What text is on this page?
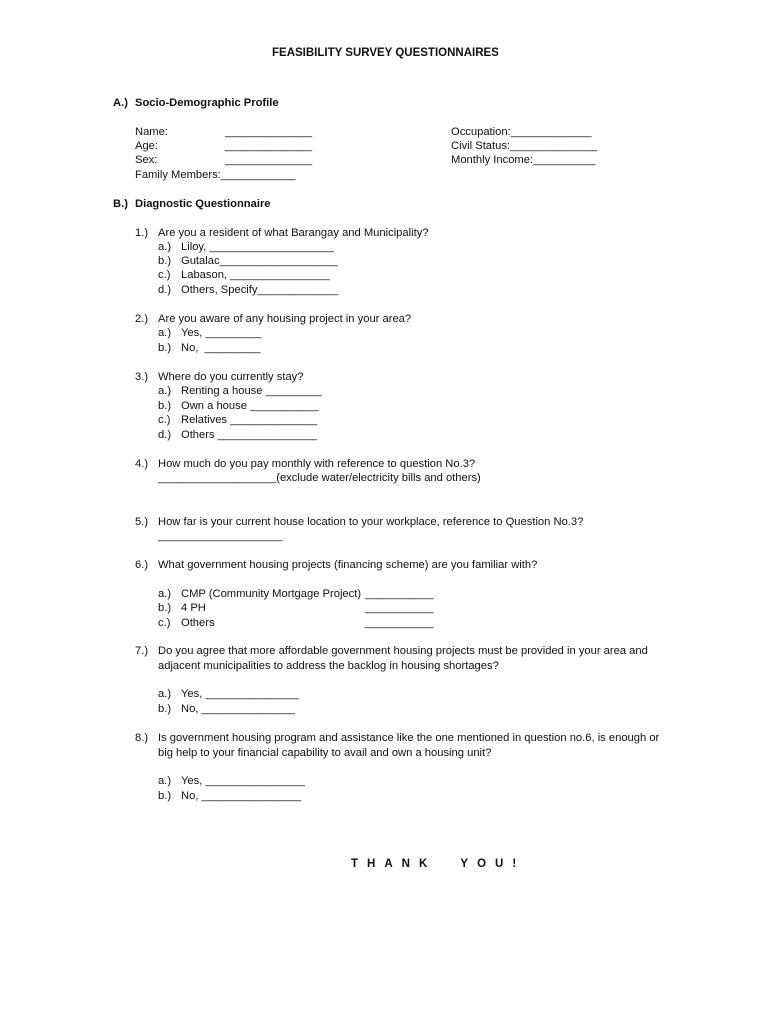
FEASIBILITY SURVEY QUESTIONNAIRES
A.) Socio-Demographic Profile
Name:	______________
Age:	______________
Sex:	______________
Family Members:____________
Occupation:_____________
Civil Status:______________
Monthly Income:__________
B.) Diagnostic Questionnaire
1.) Are you a resident of what Barangay and Municipality?
a.) Liloy, ____________________
b.) Gutalac___________________
c.) Labason, ________________
d.) Others, Specify_____________
2.) Are you aware of any housing project in your area?
a.) Yes, _________
b.) No,  _________
3.) Where do you currently stay?
a.) Renting a house _________
b.) Own a house ___________
c.) Relatives ______________
d.) Others ________________
4.) How much do you pay monthly with reference to question No.3?
___________________(exclude water/electricity bills and others)
5.) How far is your current house location to your workplace, reference to Question No.3?
____________________
6.) What government housing projects (financing scheme) are you familiar with?
a.) CMP (Community Mortgage Project) ___________
b.) 4 PH	___________
c.) Others	___________
7.) Do you agree that more affordable government housing projects must be provided in your area and
adjacent municipalities to address the backlog in housing shortages?
a.) Yes, _______________
b.) No, _______________
8.) Is government housing program and assistance like the one mentioned in question no.6, is enough or
big help to your financial capability to avail and own a housing unit?
a.) Yes, ________________
b.) No, ________________
THANK  YOU!
